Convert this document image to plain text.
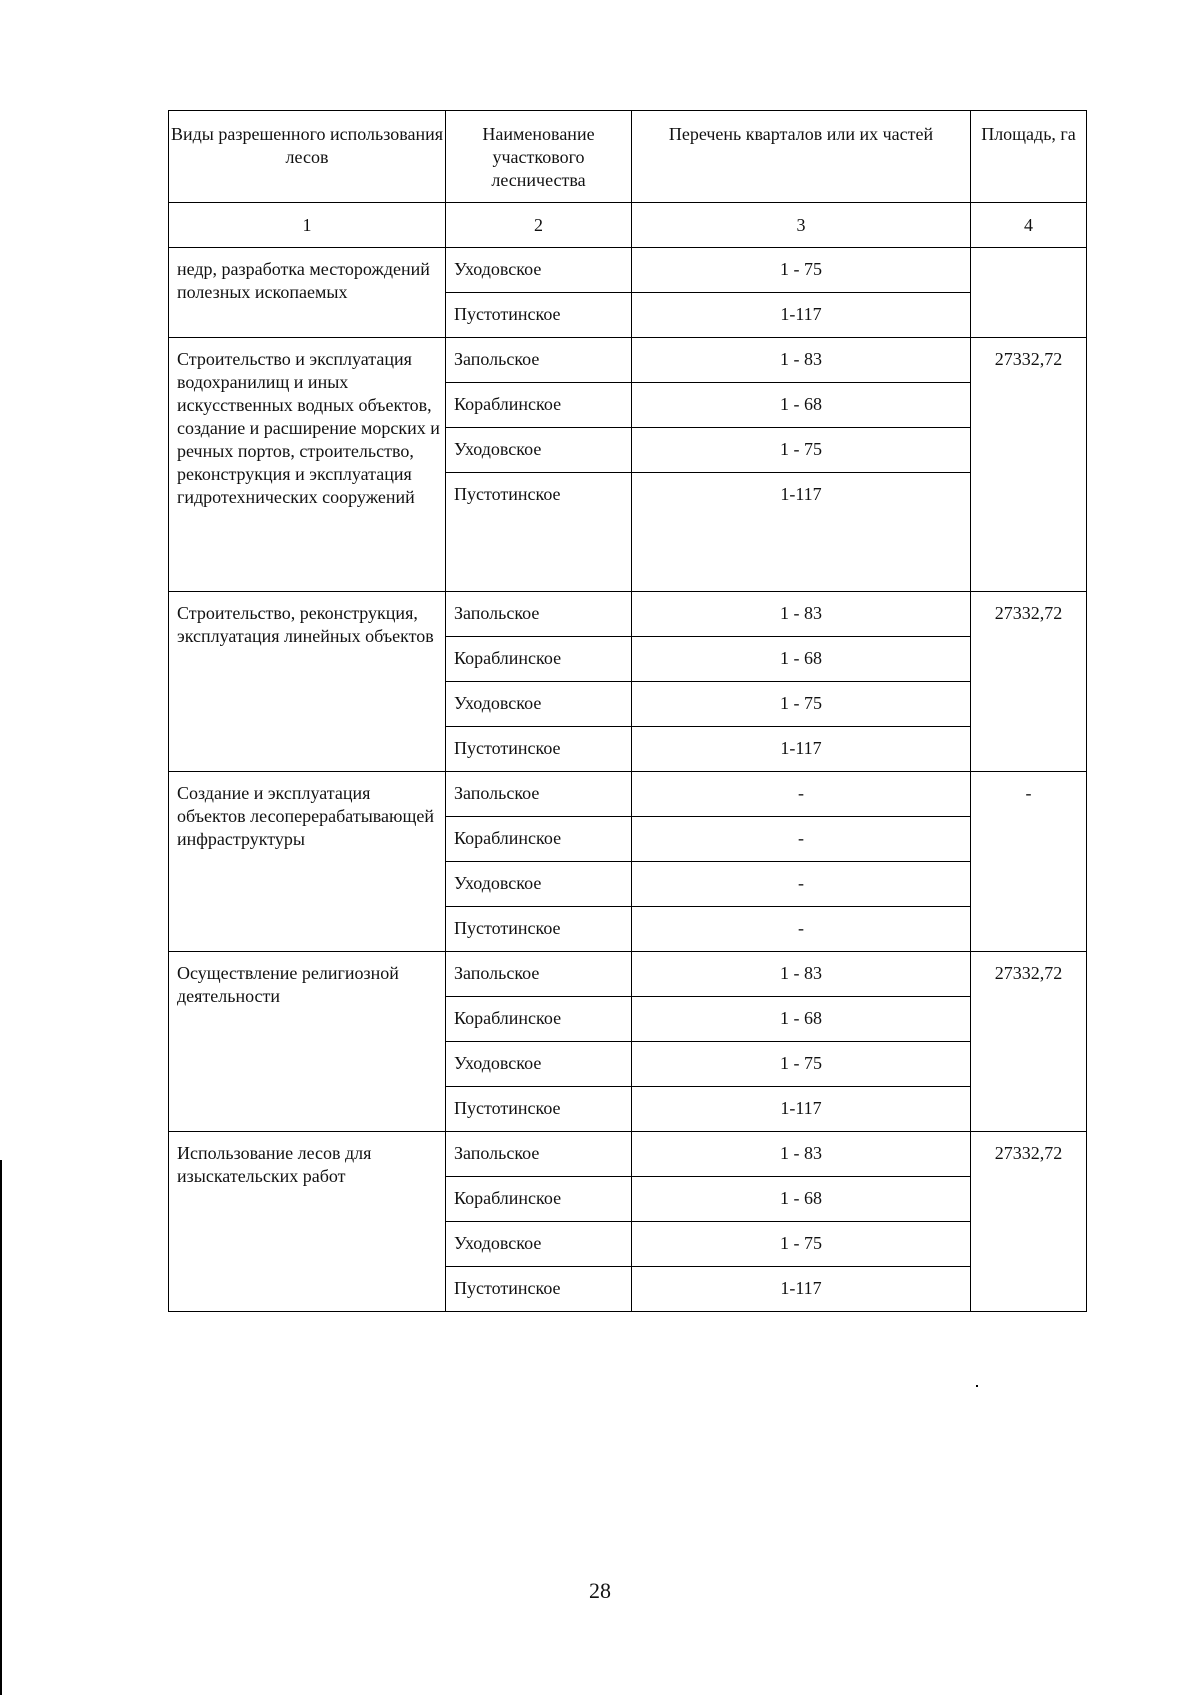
Виды разрешенного использования лесов	Наименование участкового лесничества	Перечень кварталов или их частей	Площадь, га
1	2	3	4
недр, разработка месторождений полезных ископаемых	Уходовское	1 - 75	
	Пустотинское	1-117	
Строительство и эксплуатация водохранилищ и иных искусственных водных объектов, создание и расширение морских и речных портов, строительство, реконструкция и эксплуатация гидротехнических сооружений	Запольское	1 - 83	27332,72
	Кораблинское	1 - 68	
	Уходовское	1 - 75	
	Пустотинское	1-117	
Строительство, реконструкция, эксплуатация линейных объектов	Запольское	1 - 83	27332,72
	Кораблинское	1 - 68	
	Уходовское	1 - 75	
	Пустотинское	1-117	
Создание и эксплуатация объектов лесоперерабатывающей инфраструктуры	Запольское	-	-
	Кораблинское	-	
	Уходовское	-	
	Пустотинское	-	
Осуществление религиозной деятельности	Запольское	1 - 83	27332,72
	Кораблинское	1 - 68	
	Уходовское	1 - 75	
	Пустотинское	1-117	
Использование лесов для изыскательских работ	Запольское	1 - 83	27332,72
	Кораблинское	1 - 68	
	Уходовское	1 - 75	
	Пустотинское	1-117	
28
